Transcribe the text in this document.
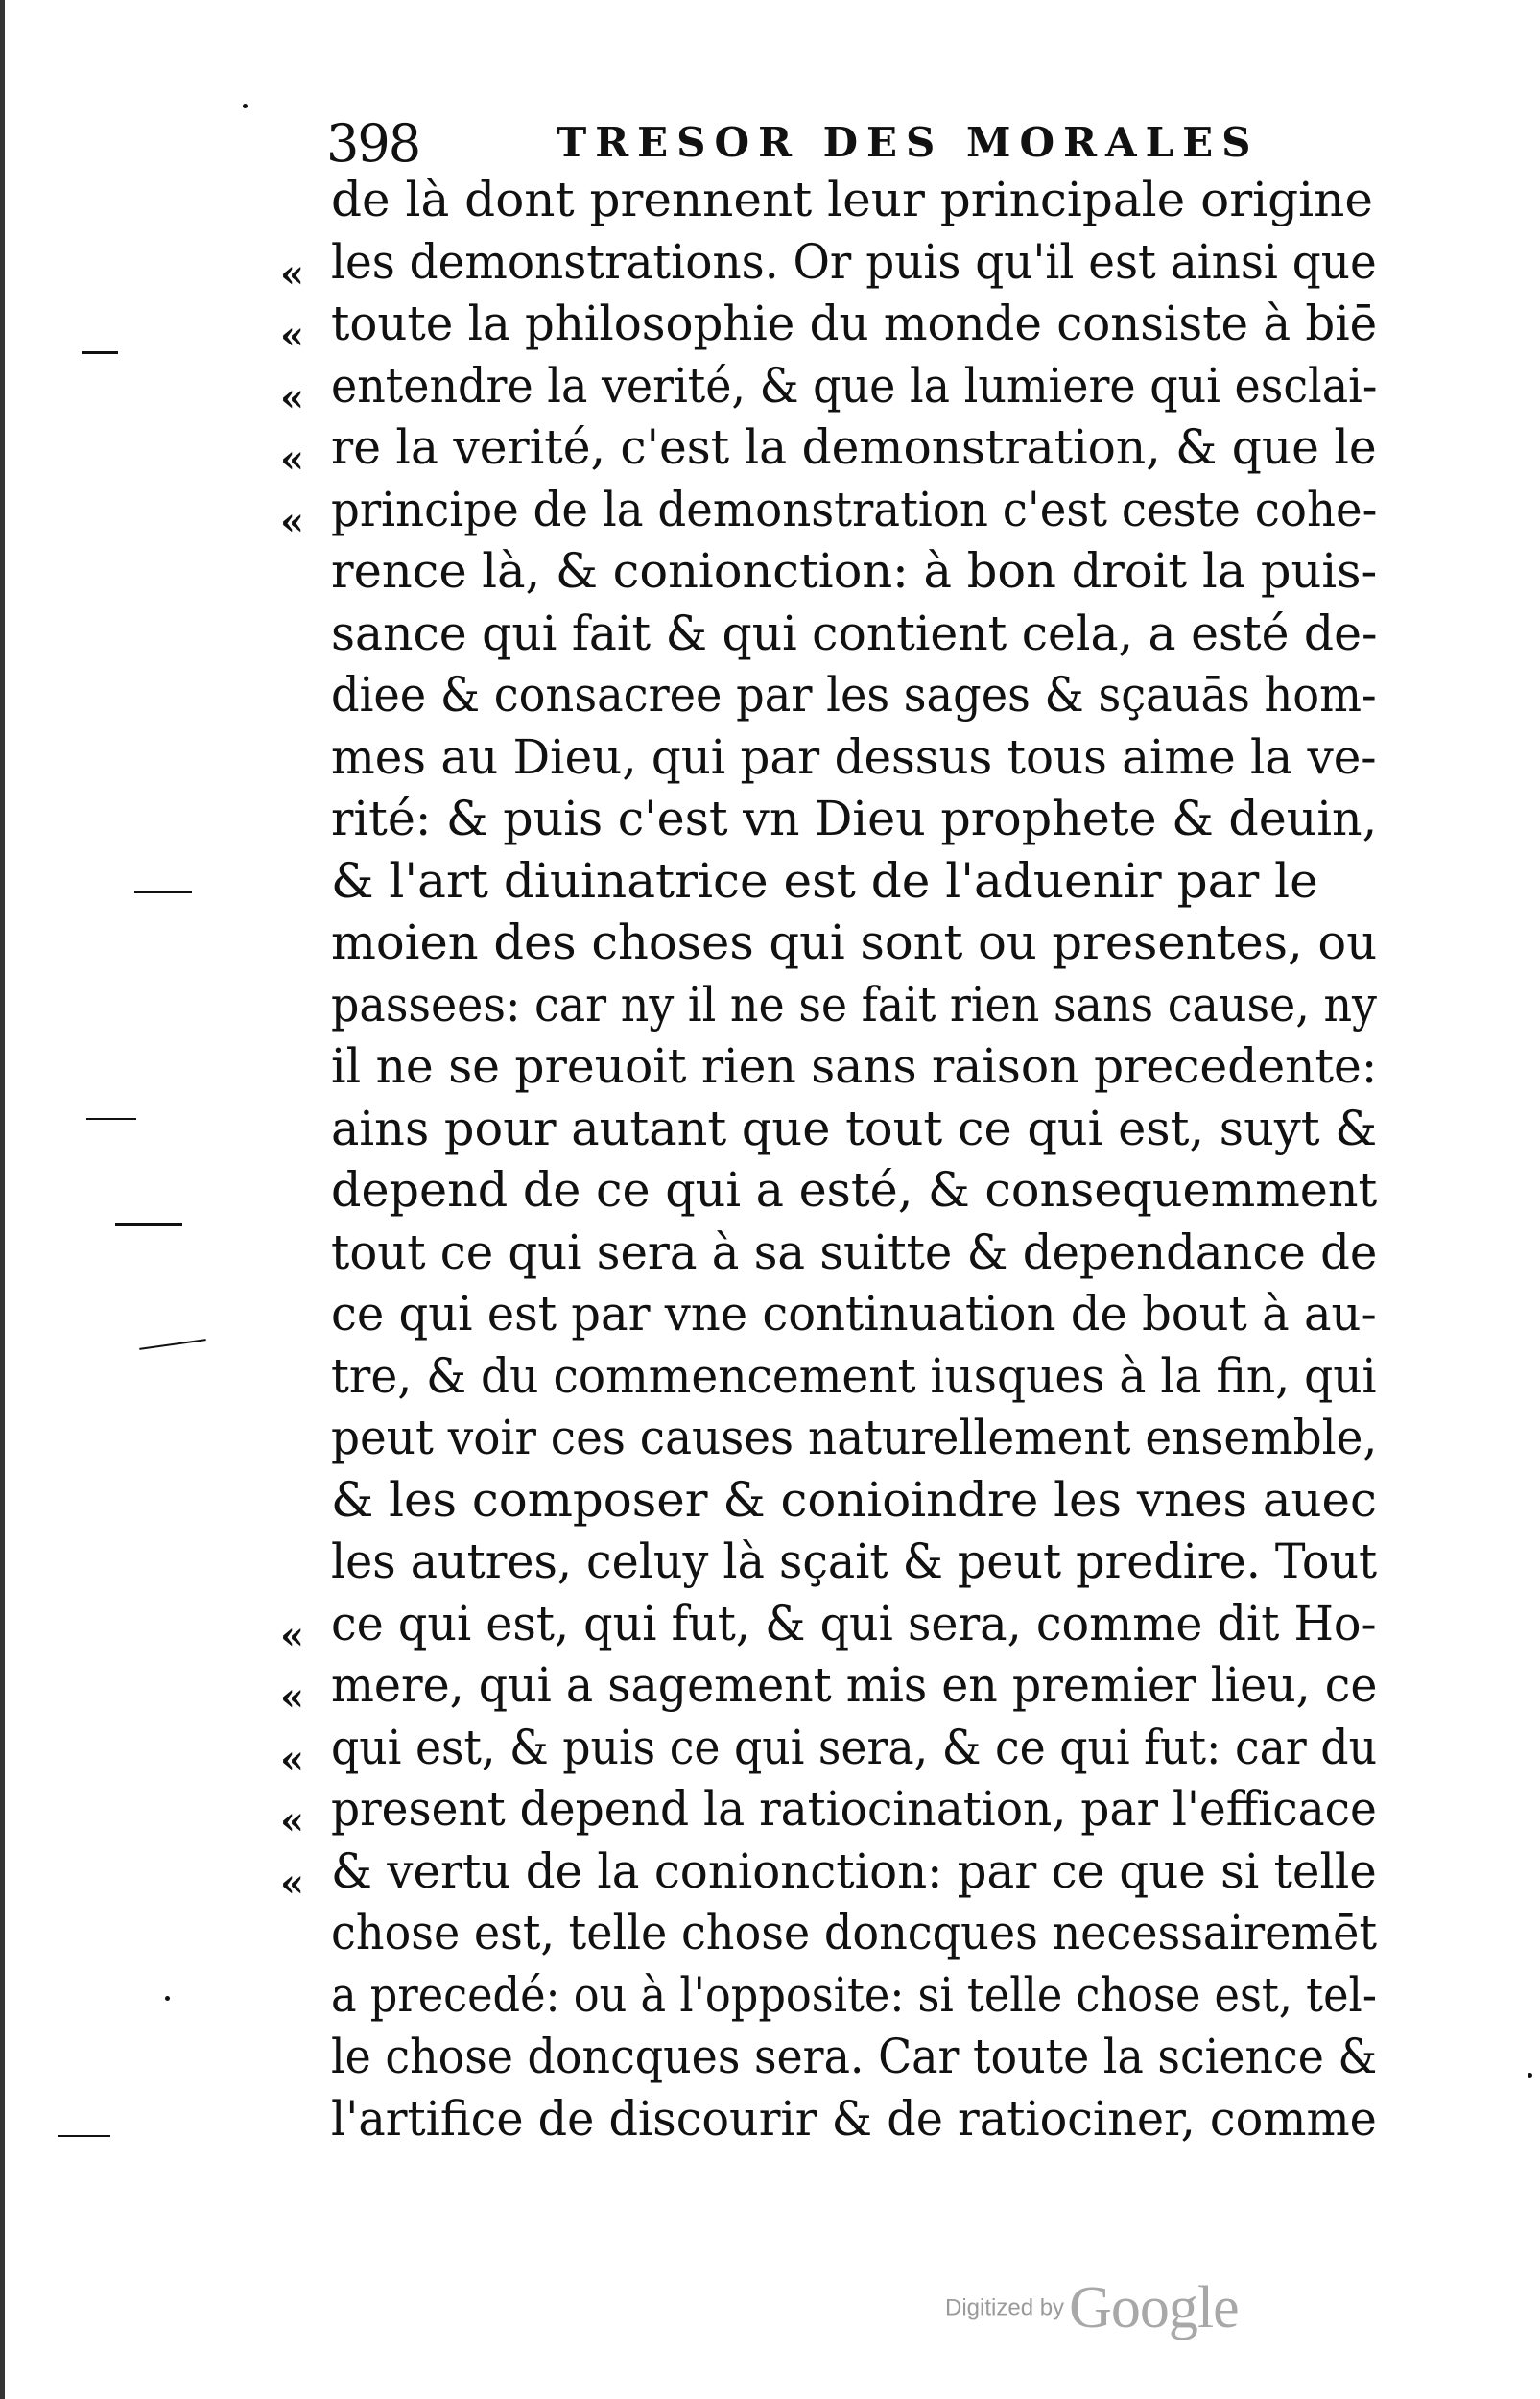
398	TRESOR DES MORALES
«
«
«
«
«
«
«
«
«
«
de là dont prennent leur principale origine
les demonstrations. Or puis qu'il est ainsi que
toute la philosophie du monde consiste à biē
entendre la verité, & que la lumiere qui esclai-
re la verité, c'est la demonstration, & que le
principe de la demonstration c'est ceste cohe-
rence là, & conionction: à bon droit la puis-
sance qui fait & qui contient cela, a esté de-
diee & consacree par les sages & sçauās hom-
mes au Dieu, qui par dessus tous aime la ve-
rité: & puis c'est vn Dieu prophete & deuin,
& l'art diuinatrice est de l'aduenir par le
moien des choses qui sont ou presentes, ou
passees: car ny il ne se fait rien sans cause, ny
il ne se preuoit rien sans raison precedente:
ains pour autant que tout ce qui est, suyt &
depend de ce qui a esté, & consequemment
tout ce qui sera à sa suitte & dependance de
ce qui est par vne continuation de bout à au-
tre, & du commencement iusques à la fin, qui
peut voir ces causes naturellement ensemble,
& les composer & conioindre les vnes auec
les autres, celuy là sçait & peut predire. Tout
ce qui est, qui fut, & qui sera, comme dit Ho-
mere, qui a sagement mis en premier lieu, ce
qui est, & puis ce qui sera, & ce qui fut: car du
present depend la ratiocination, par l'efficace
& vertu de la conionction: par ce que si telle
chose est, telle chose doncques necessairemēt
a precedé: ou à l'opposite: si telle chose est, tel-
le chose doncques sera. Car toute la science &
l'artifice de discourir & de ratiociner, comme
Digitized by Google
